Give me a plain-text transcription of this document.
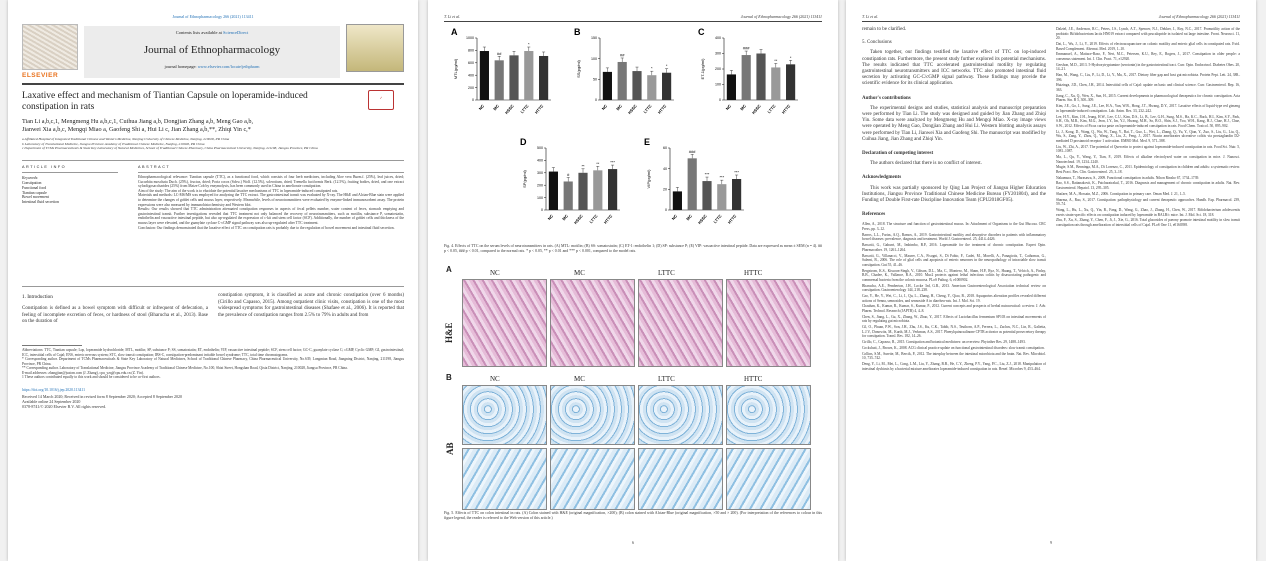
Journal of Ethnopharmacology 266 (2021) 113411
ELSEVIER
Contents lists available at ScienceDirect
Journal of Ethnopharmacology
journal homepage: www.elsevier.com/locate/jethpharm
Laxative effect and mechanism of Tiantian Capsule on loperamide-induced constipation in rats
✓
Tian Li a,b,c,1, Mengmeng Hu a,b,c,1, Cuihua Jiang a,b, Dongjian Zhang a,b, Meng Gao a,b,
Jianwei Xia a,b,c, Mengqi Miao a, Gaofeng Shi a, Hui Li c, Jian Zhang a,b,**, Zhiqi Yin c,*
a Affiliated Hospital of Integrated Traditional Chinese and Western Medicine, Nanjing University of Chinese Medicine, Nanjing, 210028, PR China
b Laboratory of Translational Medicine, Jiangsu Province Academy of Traditional Chinese Medicine, Nanjing, 210028, PR China
c Department of TCMs Pharmaceuticals & State Key Laboratory of Natural Medicines, School of Traditional Chinese Pharmacy, China Pharmaceutical University, Nanjing, 211198, Jiangsu Province, PR China
ARTICLE INFO
Keywords:
Constipation
Functional food
Tiantian capsule
Bowel movement
Intestinal fluid secretion
ABSTRACT

Ethnopharmacological relevance: Tiantian capsule (TTC), as a functional food, which consists of four herb medicines, including Aloe vera Burm.f. (25%), leaf juices, dried; Cucurbita moschata Duch. (25%), fructus, dried; Poria cocos (Schw.) Wolf. (12.5%), sclerotium, dried; Tremella fuciformis Berk. (12.5%), fruiting bodies, dried, and one extract xylooligosaccharides (25%) from Maize Cob by enzymolysis, has been commonly used in China to ameliorate constipation.

Aim of the study: The aim of the work is to elucidate the potential laxative mechanisms of TTC in loperamide-induced constipated rats.

Materials and methods: LC-MS/MS was employed for analyzing the TTC extract. The gastrointestinal transit was evaluated by X-ray. The H&E and Alcian-Blue stain were applied to determine the changes of goblet cells and mucus layer, respectively. Meanwhile, levels of neurotransmitters were evaluated by enzyme-linked immunosorbent assay. The protein expressions were also measured by immunohistochemistry and Western blot.

Results: Our results showed that TTC administration attenuated constipation responses in aspects of fecal pellets number, water content of feces, stomach emptying and gastrointestinal transit. Further investigations revealed that TTC treatment not only balanced the recovery of neurotransmitters, such as motilin, substance P, somatostatin, endothelin and vasoactive intestinal peptide, but also up-regulated the expression of c-kit and stem cell factor (SCF). Additionally, the number of goblet cells and thickness of the mucus layer were elevated, and the guanylate cyclase C-cGMP signal pathway was also up-regulated after TTC treatment.

Conclusion: Our findings demonstrated that the laxative effect of TTC on constipation rats is probably due to the regulation of bowel movement and intestinal fluid secretion.

1. Introduction
Constipation is defined as a bowel symptom with difficult or infrequent of defecation, a feeling of incomplete excretion of feces, or hardness of stool (Bharucha et al., 2013). Base on the duration of
constipation symptom, it is classified as acute and chronic constipation (over 6 months) (Cirillo and Capasso, 2015). Among outpatient clinic visits, constipation is one of the most widespread symptoms for gastrointestinal diseases (Shafaee et al., 2006). It is reported that the prevalence of constipation ranges from 2.5% to 79% in adults and from

Abbreviations: TTC, Tiantian capsule; Lop, loperamide hydrochloride; MTL, motilin; SP, substance P; SS, somatostatin; ET, endothelin; VIP, vasoactive intestinal peptide; SCF, stem cell factor; GC-C, guanylate cyclase C; cGMP, Cyclic GMP; GI, gastrointestinal; ICC, interstitial cells of Cajal; ENS, enteric nervous system; STC, slow transit constipation; IBS-C, constipation-predominant irritable bowel syndrome; TTC, total time chromatograms.

* Corresponding author. Department of TCMs Pharmaceuticals & State Key Laboratory of Natural Medicines, School of Traditional Chinese Pharmacy, China Pharmaceutical University, No.639, Longmian Road, Jiangning District, Nanjing, 211198, Jiangsu Province, PR China.

** Corresponding author. Laboratory of Translational Medicine, Jiangsu Province Academy of Traditional Chinese Medicine, No.100, Shizi Street, Hongshan Road, Qixia District, Nanjing, 210028, Jiangsu Province, PR China.

E-mail addresses: zhangjian@jsatcm.com (J. Zhang), cpu_yzq@cpu.edu.cn (Z. Yin).

1 These authors contributed equally to this work and should be considered to be co-first authors.

https://doi.org/10.1016/j.jep.2020.113411
Received 14 March 2020; Received in revised form 8 September 2020; Accepted 8 September 2020
Available online 24 September 2020
0378-8741/© 2020 Elsevier B.V. All rights reserved.
T. Li et al.	Journal of Ethnopharmacology 266 (2021) 113411
A
0
200
400
600
800
1000
MTL(pg/ml)
NC
##
MC HSSC
*
LTTC HTTC
B
0
50
100
150
SS(pg/ml)
NC
##
MC HSSC
*
LTTC
*
HTTC
C
0
100
200
300
400
ET-1(pg/ml)
NC
###
MC HSSC
**
LTTC
*
HTTC
D
0
100
200
300
400
500
SP(pg/ml)
NC
#
MC
**
HSSC
**
LTTC
***
HTTC
E
0
20
40
60
VIP(pg/ml)
NC
###
MC
***
HSSC
***
LTTC
***
HTTC
Fig. 4. Effects of TTC on the serum levels of neurotransmitters in rats. (A) MTL: motilin; (B) SS: somatostatin; (C) ET-1: endothelin 1; (D) SP: substance P; (E) VIP: vasoactive intestinal peptide. Data are expressed as mean ± SEM (n = 4). ## p < 0.05, ### p < 0.01, compared to the normal rats. * p < 0.05, ** p < 0.01 and *** p < 0.001, compared to the model rats.
A
H&E
NC	MC	LTTC	HTTC
B	NC	MC	LTTC	HTTC
AB
Fig. 5. Effects of TTC on colon intestinal in rats. (A) Colon stained with H&E (original magnification, ×200); (B) colon stained with Alcian-Blue (original magnification, ×50 and × 200). (For interpretation of the references to colour in this figure legend, the reader is referred to the Web version of this article.)
6
T. Li et al.	Journal of Ethnopharmacology 266 (2021) 113411

remain to be clarified.

5. Conclusions

Taken together, our findings testified the laxative effect of TTC on lop-induced constipation rats. Furthermore, the present study further explored its potential mechanisms. The results indicated that TTC accelerated gastrointestinal motility by regulating gastrointestinal neurotransmitters and ICC networks. TTC also promoted intestinal fluid secretion by activating GC-C/cGMP signal pathway. These findings may provide the scientific evidence for its clinical application.

Author's contributions

The experimental designs and studies, statistical analysis and manuscript preparation were performed by Tian Li. The study was designed and guided by Jian Zhang and Zhiqi Yin. Some data were analyzed by Mengmeng Hu and Mengqi Miao. X-ray image views were operated by Meng Gao, Dongjian Zhang and Hui Li. Western blotting analysis assays were performed by Tian Li, Jianwei Xia and Gaofeng Shi. The manuscript was modified by Cuihua Jiang, Jian Zhang and Zhiqi Yin.

Declaration of competing interest

The authors declared that there is no conflict of interest.

Acknowledgments

This work was partially sponsored by Qing Lan Project of Jiangsu Higher Education Institutions, Jiangsu Province Traditional Chinese Medicine Bureau (FY201804), and the Funding of Double First-rate Discipline Innovation Team (CPU2018GF05).

References

Allen, A., 2018. The structure and function of gastrointestinal mucus. In: Attachment of Organisms to the Gut Mucosa. CRC Press, pp. 3–12.
Barros, L.L., Farias, A.Q., Ramos, A., 2019. Gastrointestinal motility and absorptive disorders in patients with inflammatory bowel diseases: prevalence, diagnosis and treatment. World J. Gastroenterol. 25, 4414–4426.
Bassotti, G., Gaburri, M., Imbimbo, B.P., 2016. Loperamide for the treatment of chronic constipation. Expert Opin. Pharmacother. 19, 1261–1264.
Bassotti, G., Villanacci, V., Maurer, C.A., Fisogni, S., Di Fabio, F., Cadei, M., Morelli, A., Panagiotis, T., Cathomas, G., Salerni, B., 2006. The role of glial cells and apoptosis of enteric neurones in the neuropathology of intractable slow transit constipation. Gut 55, 41–46.
Bergstrom, K.S., Kissoon-Singh, V., Gibson, D.L., Ma, C., Montero, M., Sham, H.P., Ryz, N., Huang, T., Velcich, A., Finlay, B.B., Chadee, K., Vallance, B.A., 2010. Muc2 protects against lethal infectious colitis by disassociating pathogenic and commensal bacteria from the colonic mucosa. PLoS Pathog. 6, e1000902.
Bharucha, A.E., Pemberton, J.H., Locke 3rd, G.R., 2013. American Gastroenterological Association technical review on constipation. Gastroenterology 144, 218–238.
Cao, Y., He, Y., Wei, C., Li, J., Qu, L., Zhang, H., Cheng, Y., Qiao, B., 2018. Aquaporins alteration profiles revealed different actions of Senna, sennosides, and sennoside A in diarrhea-rats. Int. J. Mol. Sci. 19.
Chauhan, K., Kumar, R., Kumar, S., Kumar, P., 2012. Current concepts and prospects of herbal nutraceutical: a review. J. Adv. Pharm. Technol. Research (JAPTR) 4, 4–8.
Chen, S., Jiang, L., Gu, X., Zhang, W., Zhao, Y., 2017. Effects of Lactobacillus fermentum SP103 on intestinal movements of rats by regulating gut microbiota.
Cil, O., Phuan, P.W., Son, J.H., Zhu, J.S., Ku, C.K., Tabib, N.S., Teuthorn, A.P., Ferrera, L., Zachos, N.C., Lin, R., Galietta, L.J.V., Donowitz, M., Kurth, M.J., Verkman, A.S., 2017. Phenylquinoxalinone CFTR activator as potential prosecretory therapy for constipation. Transl. Res. 182, 14–26.
Cirillo, C., Capasso, R., 2015. Constipation and botanical medicines: an overview. Phytother Res. 29, 1488–1493.
Cockshutt, J., Brown, K., 2008. ACG clinical practice update on functional gastrointestinal disorders: slow transit constipation.
Collins, S.M., Surette, M., Bercik, P., 2012. The interplay between the intestinal microbiota and the brain. Nat. Rev. Microbiol. 10, 735–742.
Deng, Y., Li, M., Mei, L., Cong, L.M., Liu, Y., Zhang, B.B., He, C.Y., Zheng, P.Y., Yang, P.C., Liu, Z.J., 2018. Manipulation of intestinal dysbiosis by a bacterial mixture ameliorates loperamide-induced constipation in rats. Benef. Microbes 9, 453–464.
Dalziel, J.E., Anderson, R.C., Peters, J.S., Lynch, A.T., Spencer, N.J., Dekker, J., Roy, N.C., 2017. Promotility action of the probiotic Bifidobacterium lactis HN019 extract compared with prucalopride in isolated rat large intestine. Front. Neurosci. 11, 20.
Dai, L., Wu, J., Li, Y., 2019. Effects of electroacupuncture on colonic motility and enteric glial cells in constipated rats. Evid. Based Complement. Alternat. Med. 2019, 1–10.
Emmanuel, A., Mattace-Raso, F., Neri, M.C., Petersen, K.U., Rey, E., Rogers, J., 2017. Constipation in older people: a consensus statement. Int. J. Clin. Pract. 71, e12920.
Gershon, M.D., 2013. 5-Hydroxytryptamine (serotonin) in the gastrointestinal tract. Curr. Opin. Endocrinol. Diabetes Obes. 20, 14–21.
Han, M., Wang, C., Liu, P., Li, D., Li, Y., Ma, X., 2017. Dietary fiber gap and host gut microbiota. Protein Pept. Lett. 24, 388–396.
Huizinga, J.D., Chen, J.H., 2014. Interstitial cells of Cajal: update on basic and clinical science. Curr. Gastroenterol. Rep. 16, 363.
Jiang, C., Xu, Q., Wen, X., Sun, H., 2015. Current developments in pharmacological therapeutics for chronic constipation. Acta Pharm. Sin. B 5, 300–309.
Kim, J.E., Go, J., Sung, J.E., Lee, H.A., Yun, W.B., Hong, J.T., Hwang, D.Y., 2017. Laxative effects of liquid-type red ginseng in loperamide-induced constipation. Lab. Anim. Res. 33, 232–242.
Lee, H.Y., Kim, J.H., Jeung, H.W., Lee, C.U., Kim, D.S., Li, B., Lee, G.H., Sung, M.S., Ha, K.C., Back, H.I., Kim, S.Y., Park, S.H., Oh, M.R., Kim, M.G., Jeon, J.Y., Im, Y.J., Hwang, M.H., So, B.O., Shin, S.J., Yoo, W.H., Kang, H.J., Chae, H.J., Chae, S.W., 2012. Effects of Ficus carica paste on loperamide-induced constipation in rats. Food Chem. Toxicol. 50, 895–902.
Li, J., Kong, D., Wang, Q., Wu, W., Tang, Y., Bai, T., Guo, L., Wei, L., Zhang, Q., Yu, Y., Qian, Y., Zuo, S., Liu, G., Liu, Q., Wu, S., Zang, Y., Zhou, Q., Wang, X., Liu, Z., Feng, J., 2017. Niacin ameliorates ulcerative colitis via prostaglandin D2-mediated D prostanoid receptor 1 activation. EMBO Mol. Med. 9, 571–588.
Liu, W., Zhi, A., 2017. The potential of Quercetin to protect against loperamide-induced constipation in rats. Food Sci. Nutr. 5, 1081–1087.
Ma, L., Qu, Y., Wang, Y., Tian, F., 2019. Effects of alkaline electrolyzed water on constipation in mice. J. Nanosci. Nanotechnol. 19, 1234–1240.
Mugie, S.M., Benninga, M.A., Di Lorenzo, C., 2011. Epidemiology of constipation in children and adults: a systematic review. Best Pract. Res. Clin. Gastroenterol. 25, 3–18.
Nakamura, T., Harasawa, S., 2009. Functional constipation in adults. Nihon Rinsho 67, 1734–1739.
Rao, S.S., Rattanakovit, K., Patcharatrakul, T., 2016. Diagnosis and management of chronic constipation in adults. Nat. Rev. Gastroenterol. Hepatol. 13, 295–305.
Shafaee, M.A., Hossain, M.Z., 2006. Constipation in primary care. Oman Med. J. 21, 1–5.
Sharma, A., Rao, S., 2017. Constipation: pathophysiology and current therapeutic approaches. Handb. Exp. Pharmacol. 239, 59–74.
Wang, L., Hu, L., Xu, Q., Yin, B., Fang, D., Wang, G., Zhao, J., Zhang, H., Chen, W., 2017. Bifidobacterium adolescentis exerts strain-specific effects on constipation induced by loperamide in BALB/c mice. Int. J. Mol. Sci. 18, 318.
Zhu, F., Xu, S., Zhang, Y., Chen, F., Ji, J., Xie, G., 2016. Total glucosides of paeony promote intestinal motility in slow transit constipation rats through amelioration of interstitial cells of Cajal. PLoS One 11, e0160398.
9
